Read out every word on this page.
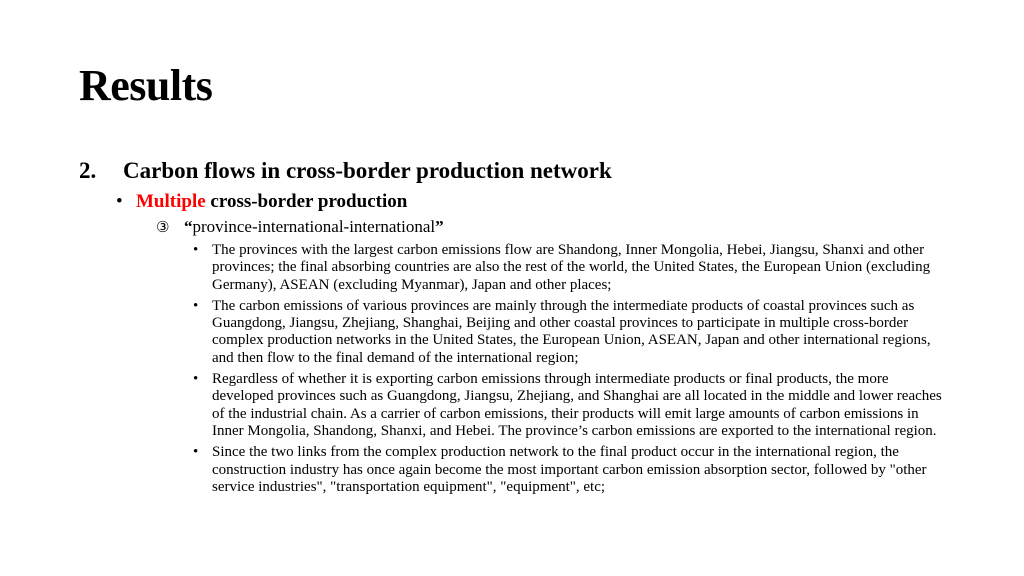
Results
2. Carbon flows in cross-border production network
• Multiple cross-border production
③ “province-international-international”
• The provinces with the largest carbon emissions flow are Shandong, Inner Mongolia, Hebei, Jiangsu, Shanxi and other provinces; the final absorbing countries are also the rest of the world, the United States, the European Union (excluding Germany), ASEAN (excluding Myanmar), Japan and other places;
• The carbon emissions of various provinces are mainly through the intermediate products of coastal provinces such as Guangdong, Jiangsu, Zhejiang, Shanghai, Beijing and other coastal provinces to participate in multiple cross-border complex production networks in the United States, the European Union, ASEAN, Japan and other international regions, and then flow to the final demand of the international region;
• Regardless of whether it is exporting carbon emissions through intermediate products or final products, the more developed provinces such as Guangdong, Jiangsu, Zhejiang, and Shanghai are all located in the middle and lower reaches of the industrial chain. As a carrier of carbon emissions, their products will emit large amounts of carbon emissions in Inner Mongolia, Shandong, Shanxi, and Hebei. The province’s carbon emissions are exported to the international region.
• Since the two links from the complex production network to the final product occur in the international region, the construction industry has once again become the most important carbon emission absorption sector, followed by "other service industries", "transportation equipment", "equipment", etc;
